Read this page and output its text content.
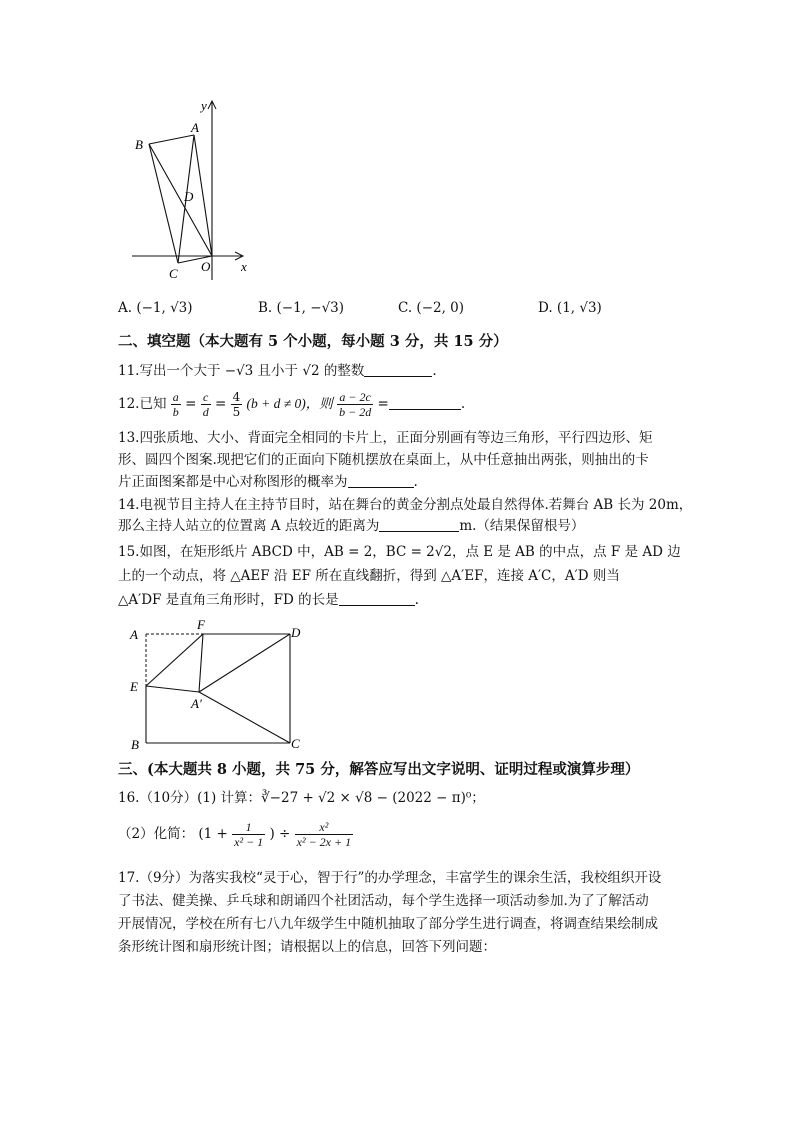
y
A
B
D
C O x
A. (−1, √3)	B. (−1, −√3)	C. (−2, 0)	D. (1, √3)
二、填空题（本大题有 5 个小题，每小题 3 分，共 15 分）
11.写出一个大于 −√3 且小于 √2 的整数	.
12.已知 $\frac{a}{b} = \frac{c}{d} = \frac{4}{5} (b + d \ne 0)$，则 $\frac{a - 2c}{b - 2d}$ =	.
13.四张质地、大小、背面完全相同的卡片上，正面分别画有等边三角形，平行四边形、矩
形、圆四个图案.现把它们的正面向下随机摆放在桌面上，从中任意抽出两张，则抽出的卡
片正面图案都是中心对称图形的概率为	.
14.电视节目主持人在主持节目时，站在舞台的黄金分割点处最自然得体.若舞台 AB 长为 20m，
那么主持人站立的位置离 A 点较近的距离为	m.（结果保留根号）
15.如图，在矩形纸片 ABCD 中，AB = 2，BC = 2√2，点 E 是 AB 的中点，点 F 是 AD 边
上的一个动点，将 △AEF 沿 EF 所在直线翻折，得到 △A′EF，连接 A′C，A′D 则当
△A′DF 是直角三角形时，FD 的长是	.
A
F
D
E
A′
B	C
三、(本大题共 8 小题，共 75 分，解答应写出文字说明、证明过程或演算步理）
16.（10分）(1) 计算：∛−27 + √2 × √8 − (2022 − π)⁰；
（2）化简： ($1 + \frac{1}{\text{x² − 1}}$ ) ÷ $\frac{\text{x²}}{\text{x² − 2x + 1}}$
17.（9分）为落实我校“灵于心，智于行”的办学理念，丰富学生的课余生活，我校组织开设
了书法、健美操、乒乓球和朗诵四个社团活动，每个学生选择一项活动参加.为了了解活动
开展情况，学校在所有七八九年级学生中随机抽取了部分学生进行调查，将调查结果绘制成
条形统计图和扇形统计图；请根据以上的信息，回答下列问题：
